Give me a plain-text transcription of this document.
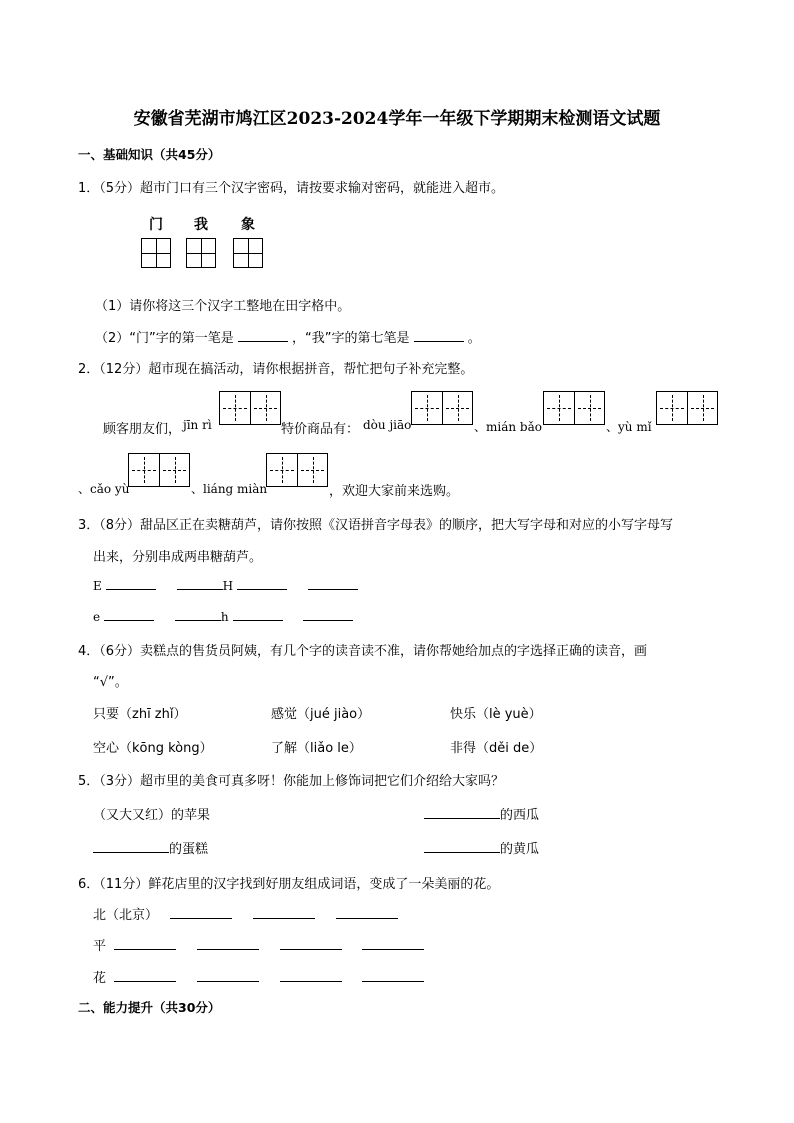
安徽省芜湖市鸠江区2023-2024学年一年级下学期期末检测语文试题
一、基础知识（共45分）
1．（5分）超市门口有三个汉字密码，请按要求输对密码，就能进入超市。
门	我	象
（1）请你将这三个汉字工整地在田字格中。
（2）“门”字的第一笔是	，“我”字的第七笔是	。
2．（12分）超市现在搞活动，请你根据拼音，帮忙把句子补充完整。
顾客朋友们， jīn rì	特价商品有： dòu jiāo	、mián bǎo	、yù mǐ
、cǎo yù	、liáng miàn	，欢迎大家前来选购。
3．（8分）甜品区正在卖糖葫芦，请你按照《汉语拼音字母表》的顺序，把大写字母和对应的小写字母写
出来，分别串成两串糖葫芦。
E	H
e	h
4．（6分）卖糕点的售货员阿姨，有几个字的读音读不准，请你帮她给加点的字选择正确的读音，画
“√”。
只要（zhī zhǐ）	感觉（jué jiào）	快乐（lè yuè）
空心（kōng kòng）	了解（liǎo le）	非得（děi de）
5．（3分）超市里的美食可真多呀！你能加上修饰词把它们介绍给大家吗？
（又大又红）的苹果	的西瓜
的蛋糕	的黄瓜
6．（11分）鲜花店里的汉字找到好朋友组成词语，变成了一朵美丽的花。
北（北京）
平
花
二、能力提升（共30分）
